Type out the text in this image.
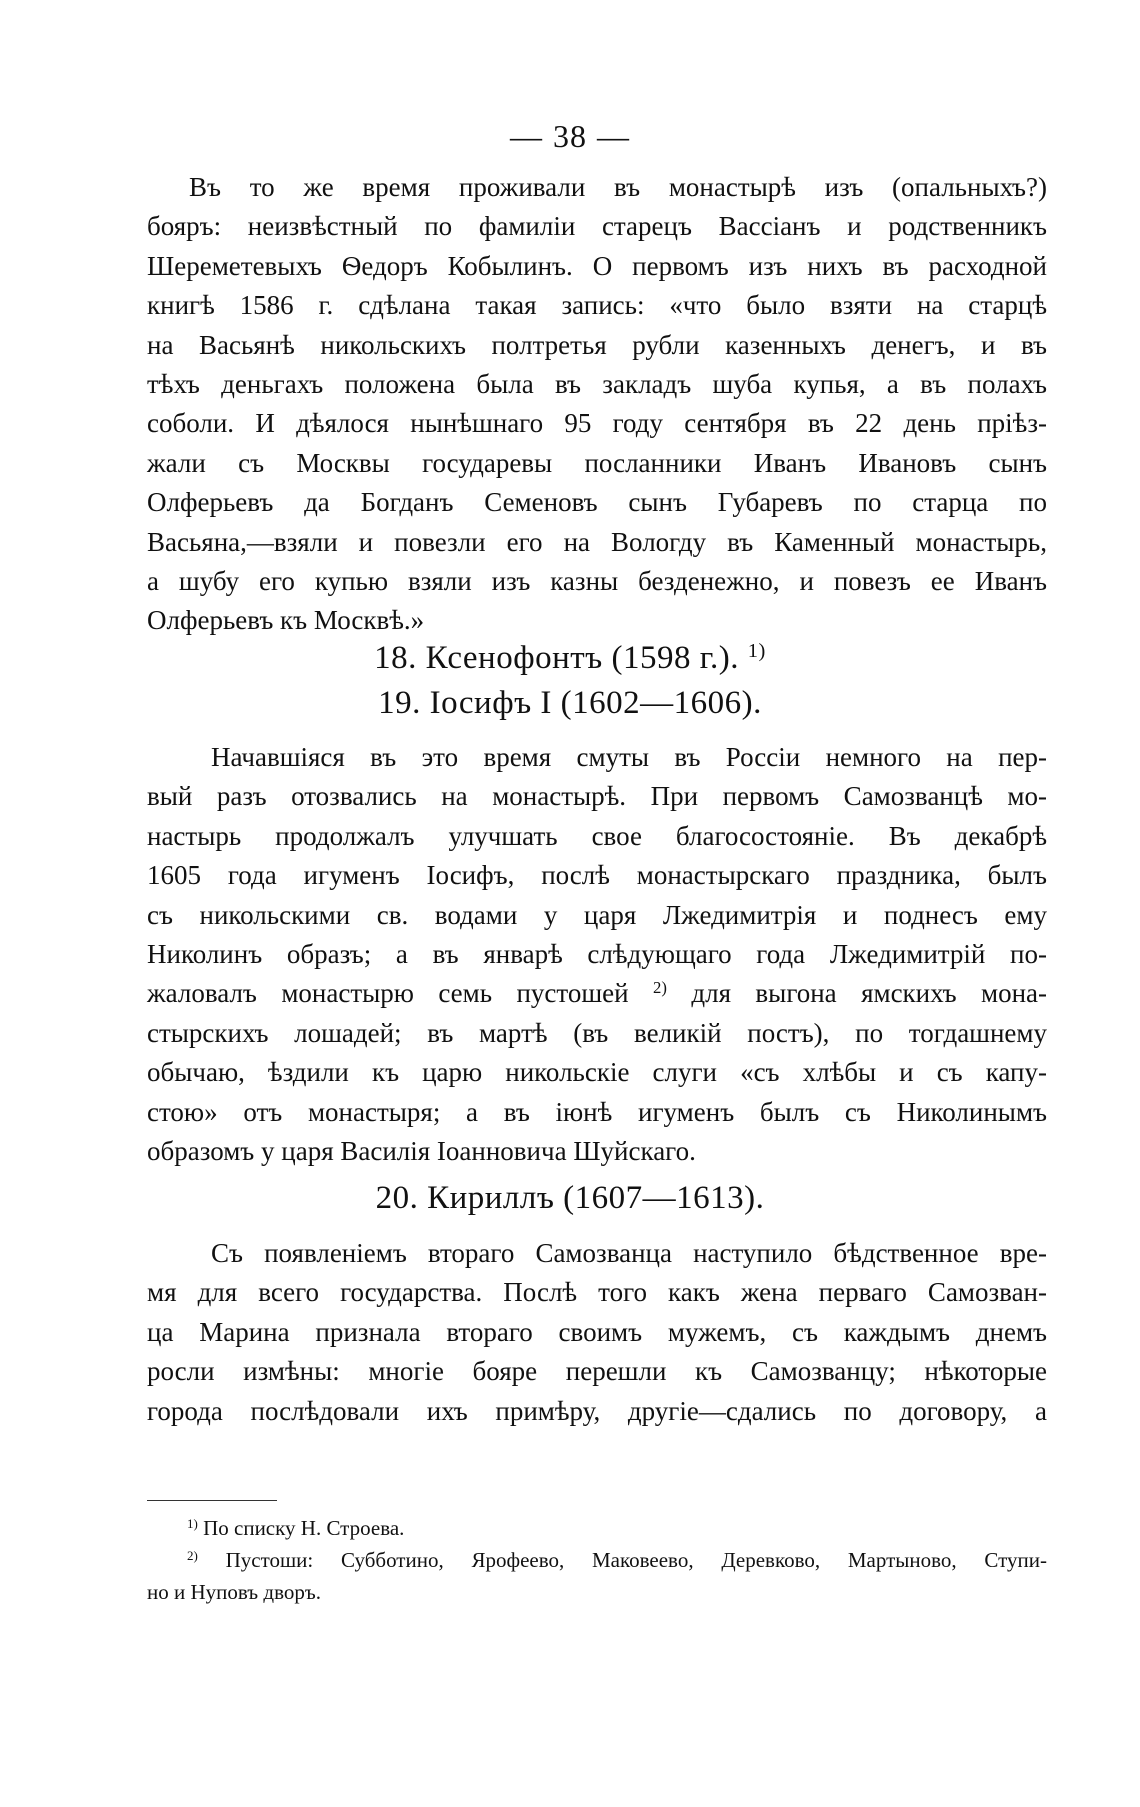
— 38 —
Въ то же время проживали въ монастырѣ изъ (опальныхъ?)
бояръ: неизвѣстный по фамиліи старецъ Вассіанъ и родственникъ
Шереметевыхъ Ѳедоръ Кобылинъ. О первомъ изъ нихъ въ расходной
книгѣ 1586 г. сдѣлана такая запись: «что было взяти на старцѣ
на Васьянѣ никольскихъ полтретья рубли казенныхъ денегъ, и въ
тѣхъ деньгахъ положена была въ закладъ шуба купья, а въ полахъ
соболи. И дѣялося нынѣшнаго 95 году сентября въ 22 день пріѣз-
жали съ Москвы государевы посланники Иванъ Ивановъ сынъ
Олферьевъ да Богданъ Семеновъ сынъ Губаревъ по старца по
Васьяна,—взяли и повезли его на Вологду въ Каменный монастырь,
а шубу его купью взяли изъ казны безденежно, и повезъ ее Иванъ
Олферьевъ къ Москвѣ.»
18. Ксенофонтъ (1598 г.). $^{1)}$
19. Іосифъ I (1602—1606).
Начавшіяся въ это время смуты въ Россіи немного на пер-
вый разъ отозвались на монастырѣ. При первомъ Самозванцѣ мо-
настырь продолжалъ улучшать свое благосостояніе. Въ декабрѣ
1605 года игуменъ Іосифъ, послѣ монастырскаго праздника, былъ
съ никольскими св. водами у царя Лжедимитрія и поднесъ ему
Николинъ образъ; а въ январѣ слѣдующаго года Лжедимитрій по-
жаловалъ монастырю семь пустошей $^{2)}$ для выгона ямскихъ мона-
стырскихъ лошадей; въ мартѣ (въ великій постъ), по тогдашнему
обычаю, ѣздили къ царю никольскіе слуги «съ хлѣбы и съ капу-
стою» отъ монастыря; а въ іюнѣ игуменъ былъ съ Николинымъ
образомъ у царя Василія Іоанновича Шуйскаго.
20. Кириллъ (1607—1613).
Съ появленіемъ втораго Самозванца наступило бѣдственное вре-
мя для всего государства. Послѣ того какъ жена перваго Самозван-
ца Марина признала втораго своимъ мужемъ, съ каждымъ днемъ
росли измѣны: многіе бояре перешли къ Самозванцу; нѣкоторые
города послѣдовали ихъ примѣру, другіе—сдались по договору, а
$^{1)}$ По списку Н. Строева.
$^{2)}$ Пустоши: Субботино, Ярофеево, Маковеево, Деревково, Мартыново, Ступи-
но и Нуповъ дворъ.
